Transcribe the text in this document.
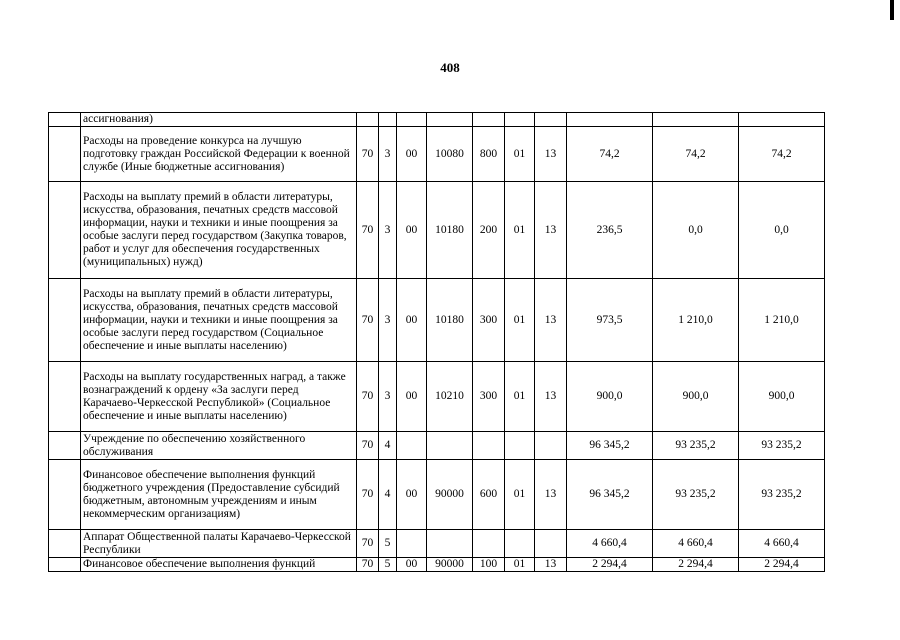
408
	ассигнования)										
	Расходы на проведение конкурса на лучшую подготовку граждан Российской Федерации к военной службе (Иные бюджетные ассигнования)	70	3	00	10080	800	01	13	74,2	74,2	74,2
	Расходы на выплату премий в области литературы, искусства, образования, печатных средств массовой информации, науки и техники и иные поощрения за особые заслуги перед государством (Закупка товаров, работ и услуг для обеспечения государственных (муниципальных) нужд)	70	3	00	10180	200	01	13	236,5	0,0	0,0
	Расходы на выплату премий в области литературы, искусства, образования, печатных средств массовой информации, науки и техники и иные поощрения за особые заслуги перед государством (Социальное обеспечение и иные выплаты населению)	70	3	00	10180	300	01	13	973,5	1 210,0	1 210,0
	Расходы на выплату государственных наград, а также вознаграждений к ордену «За заслуги перед Карачаево-Черкесской Республикой» (Социальное обеспечение и иные выплаты населению)	70	3	00	10210	300	01	13	900,0	900,0	900,0
	Учреждение по обеспечению хозяйственного обслуживания	70	4						96 345,2	93 235,2	93 235,2
	Финансовое обеспечение выполнения функций бюджетного учреждения (Предоставление субсидий бюджетным, автономным учреждениям и иным некоммерческим организациям)	70	4	00	90000	600	01	13	96 345,2	93 235,2	93 235,2
	Аппарат Общественной палаты Карачаево-Черкесской Республики	70	5						4 660,4	4 660,4	4 660,4
	Финансовое обеспечение выполнения функций	70	5	00	90000	100	01	13	2 294,4	2 294,4	2 294,4
